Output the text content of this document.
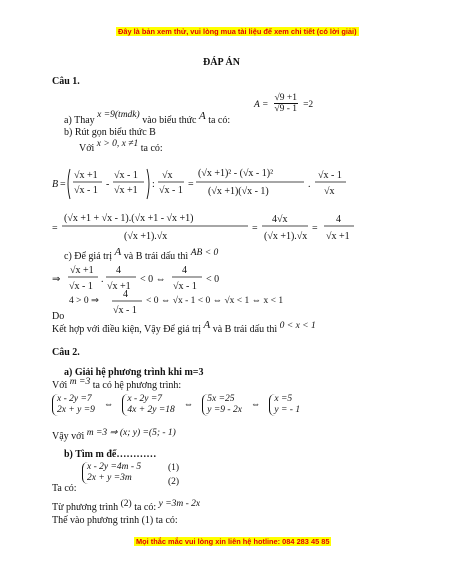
Đây là bản xem thử, vui lòng mua tài liệu để xem chi tiết (có lời giải)
Mọi thắc mắc vui lòng xin liên hệ hotline: 084 283 45 85
ĐÁP ÁN
Câu 1.
a) Thay x =9(tmdk) vào biểu thức A ta có:
$A = \frac{√9 +1}{√9 - 1} =2$
b) Rút gọn biểu thức B
Với x > 0, x ≠1 ta có:
B =
√x +1
√x - 1
-
√x - 1
√x +1
:
√x
√x - 1
=
(√x +1)² - (√x - 1)²
(√x +1)(√x - 1)
.
√x - 1
√x
=
(√x +1 + √x - 1).(√x +1 - √x +1)
(√x +1).√x
=
4√x
(√x +1).√x
=
4
√x +1
c) Để giá trị A và B trái dấu thì AB < 0
⇒
√x +1
√x - 1
.
4
√x +1
< 0 ⇔
4
√x - 1
< 0
4 > 0 ⇒
4
√x - 1
< 0 ⇔ √x - 1 < 0 ⇔ √x < 1 ⇔ x < 1
Do
Kết hợp với điều kiện, Vậy Để giá trị A và B trái dấu thì 0 < x < 1
Câu 2.
a) Giải hệ phương trình khi m=3
Với m =3 ta có hệ phương trình:
x - 2y =7
2x + y =9
⇔
x - 2y =7
4x + 2y =18
⇔
5x =25
y =9 - 2x
⇔
x =5
y = - 1
Vậy với m =3 ⇒ (x; y) =(5; - 1)
b) Tìm m để…………
Ta có:
x - 2y =4m - 5
2x + y =3m
(1)
(2)
Từ phương trình (2) ta có: y =3m - 2x
Thế vào phương trình (1) ta có:
